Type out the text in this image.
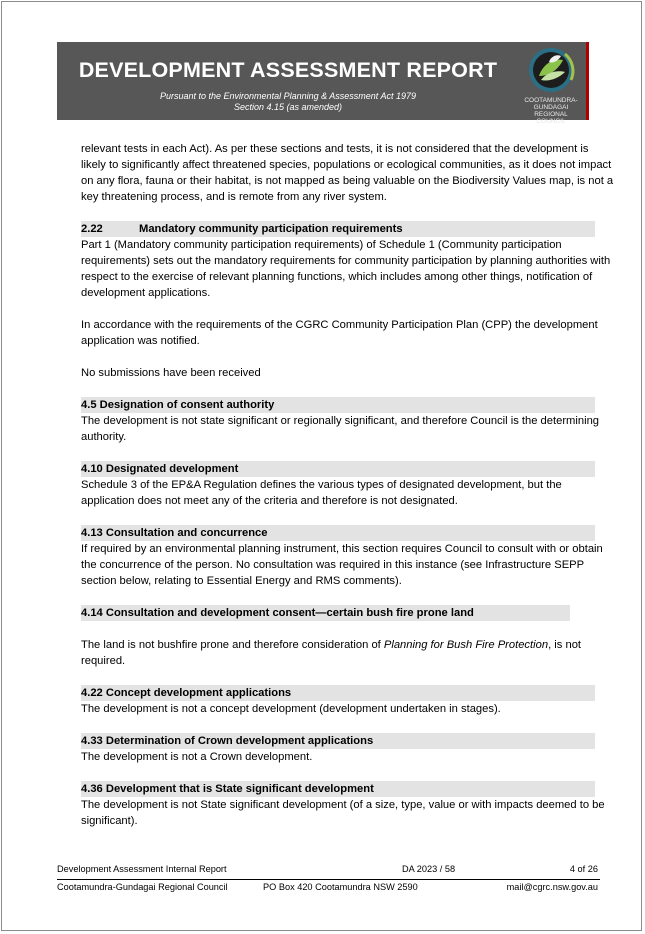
DEVELOPMENT ASSESSMENT REPORT
Pursuant to the Environmental Planning & Assessment Act 1979
Section 4.15 (as amended)
COOTAMUNDRA-
GUNDAGAI REGIONAL COUNCIL

relevant tests in each Act). As per these sections and tests, it is not considered that the development is likely to significantly affect threatened species, populations or ecological communities, as it does not impact on any flora, fauna or their habitat, is not mapped as being valuable on the Biodiversity Values map, is not a key threatening process, and is remote from any river system.

2.22	Mandatory community participation requirements

Part 1 (Mandatory community participation requirements) of Schedule 1 (Community participation requirements) sets out the mandatory requirements for community participation by planning authorities with respect to the exercise of relevant planning functions, which includes among other things, notification of development applications.

In accordance with the requirements of the CGRC Community Participation Plan (CPP) the development application was notified.

No submissions have been received

4.5 Designation of consent authority

The development is not state significant or regionally significant, and therefore Council is the determining authority.

4.10 Designated development

Schedule 3 of the EP&A Regulation defines the various types of designated development, but the application does not meet any of the criteria and therefore is not designated.

4.13 Consultation and concurrence

If required by an environmental planning instrument, this section requires Council to consult with or obtain the concurrence of the person. No consultation was required in this instance (see Infrastructure SEPP section below, relating to Essential Energy and RMS comments).

4.14 Consultation and development consent—certain bush fire prone land

The land is not bushfire prone and therefore consideration of Planning for Bush Fire Protection, is not required.

4.22 Concept development applications

The development is not a concept development (development undertaken in stages).

4.33 Determination of Crown development applications

The development is not a Crown development.

4.36 Development that is State significant development

The development is not State significant development (of a size, type, value or with impacts deemed to be significant).

Development Assessment Internal Report	DA 2023 / 58	4 of 26
Cootamundra-Gundagai Regional Council	PO Box 420 Cootamundra NSW 2590	mail@cgrc.nsw.gov.au
